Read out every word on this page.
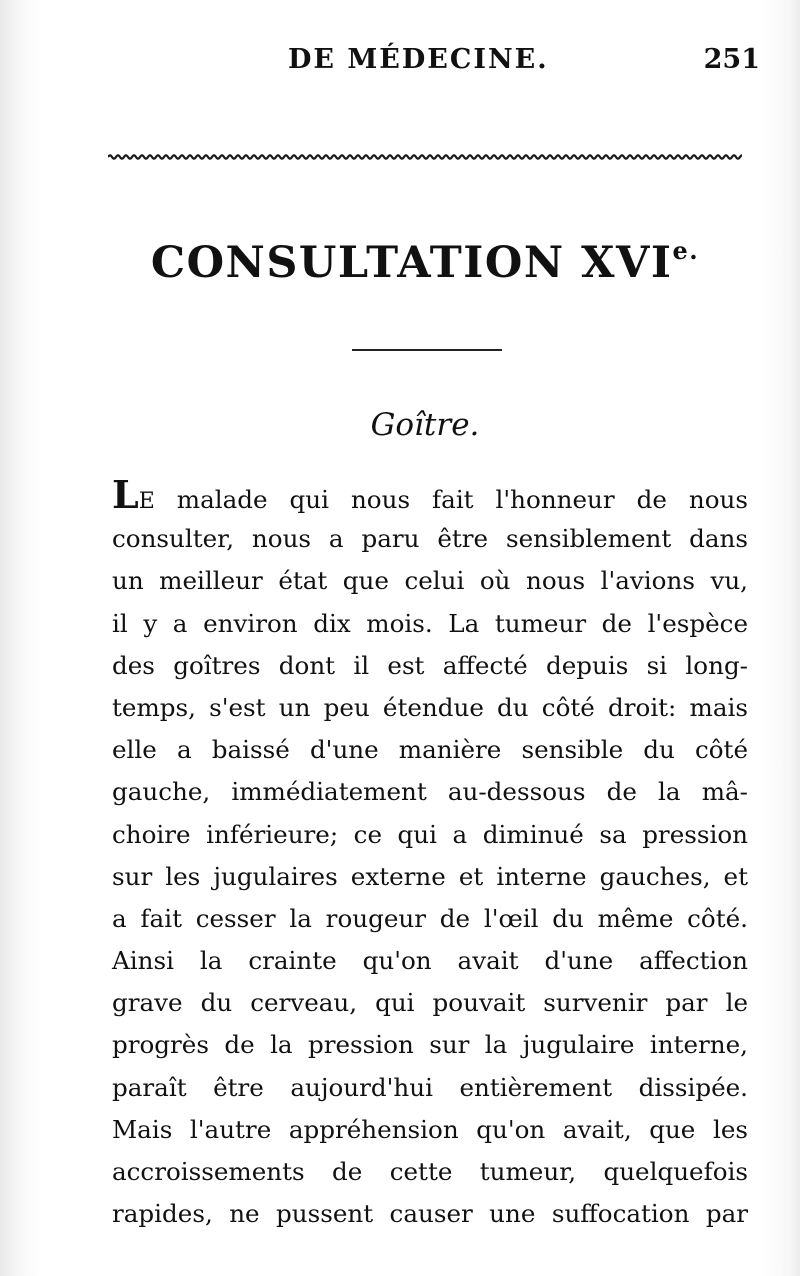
DE MÉDECINE.	251
CONSULTATION $XVI^{e.}$
Goître.
LE malade qui nous fait l'honneur de nous
consulter, nous a paru être sensiblement dans
un meilleur état que celui où nous l'avions vu,
il y a environ dix mois. La tumeur de l'espèce
des goîtres dont il est affecté depuis si long-
temps, s'est un peu étendue du côté droit: mais
elle a baissé d'une manière sensible du côté
gauche, immédiatement au-dessous de la mâ-
choire inférieure; ce qui a diminué sa pression
sur les jugulaires externe et interne gauches, et
a fait cesser la rougeur de l'œil du même côté.
Ainsi la crainte qu'on avait d'une affection
grave du cerveau, qui pouvait survenir par le
progrès de la pression sur la jugulaire interne,
paraît être aujourd'hui entièrement dissipée.
Mais l'autre appréhension qu'on avait, que les
accroissements de cette tumeur, quelquefois
rapides, ne pussent causer une suffocation par
